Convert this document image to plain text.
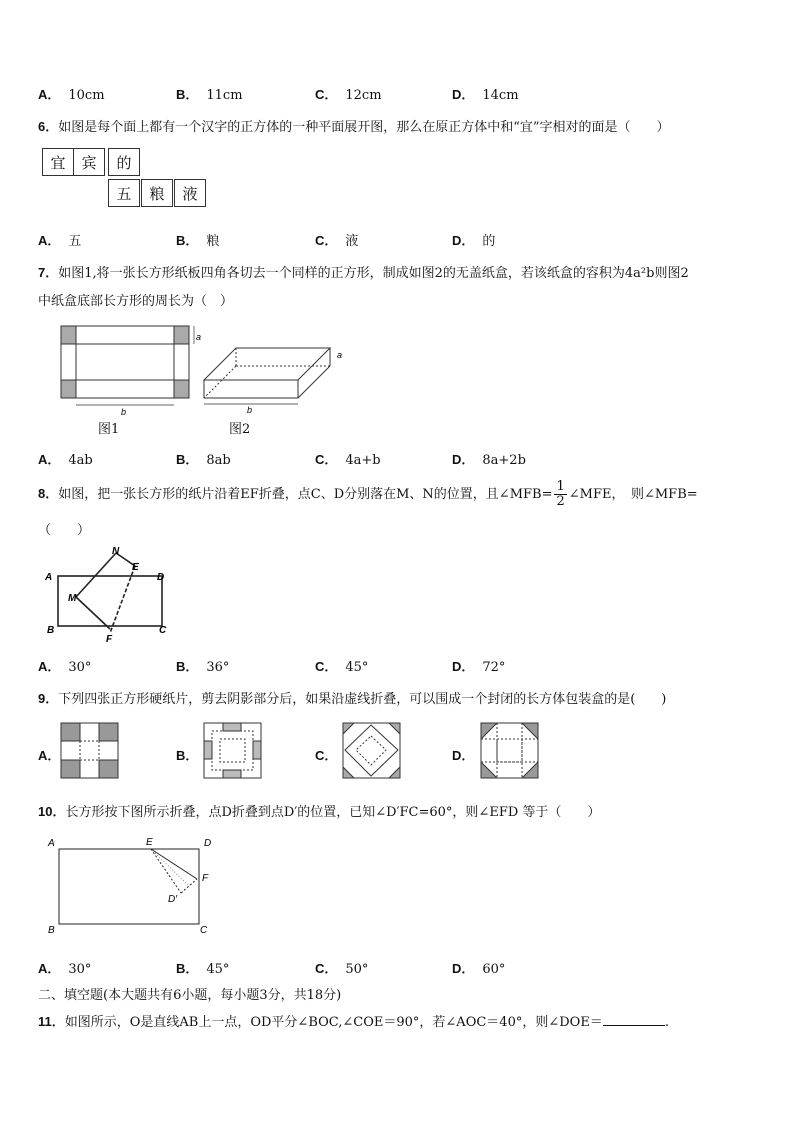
A． 10cm	B． 11cm	C． 12cm	D． 14cm
6．如图是每个面上都有一个汉字的正方体的一种平面展开图，那么在原正方体中和“宜”字相对的面是（　　）
宜	宾	的
五	粮	液
A． 五	B． 粮	C． 液	D． 的
7．如图1,将一张长方形纸板四角各切去一个同样的正方形，制成如图2的无盖纸盒，若该纸盒的容积为4a²b则图2
中纸盒底部长方形的周长为（　）
a
b
图1
a
b
图2
A． 4ab	B． 8ab	C． 4a+b	D． 8a+2b
8．如图，把一张长方形的纸片沿着EF折叠，点C、D分别落在M、N的位置，且∠MFB= $\frac{1}{2}$ ∠MFE，　则∠MFB=
（　　）
N
E
A	D
M
B
F
C
A． 30°	B． 36°	C． 45°	D． 72°
9．下列四张正方形硬纸片，剪去阴影部分后，如果沿虚线折叠，可以围成一个封闭的长方体包装盒的是(　　)
A．	B．	C．	D．
10．长方形按下图所示折叠，点D折叠到点D′的位置，已知∠D′FC=60°，则∠EFD 等于（　　）
A	E	D
F
D′
B	C
A． 30°	B． 45°	C． 50°	D． 60°
二、填空题(本大题共有6小题，每小题3分，共18分)
11．如图所示，O是直线AB上一点，OD平分∠BOC,∠COE＝90°，若∠AOC＝40°，则∠DOE＝	.
